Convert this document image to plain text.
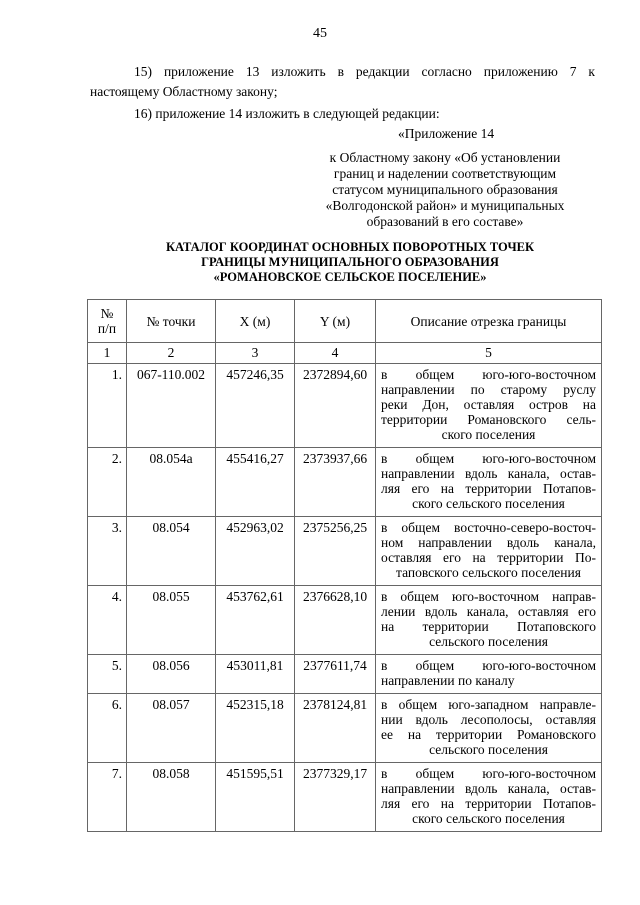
45
15) приложение 13 изложить в редакции согласно приложению 7 к
настоящему Областному закону;
16) приложение 14 изложить в следующей редакции:
«Приложение 14
к Областному закону «Об установлении
границ и наделении соответствующим
статусом муниципального образования
«Волгодонской район» и муниципальных
образований в его составе»
КАТАЛОГ КООРДИНАТ ОСНОВНЫХ ПОВОРОТНЫХ ТОЧЕК
ГРАНИЦЫ МУНИЦИПАЛЬНОГО ОБРАЗОВАНИЯ
«РОМАНОВСКОЕ СЕЛЬСКОЕ ПОСЕЛЕНИЕ»
№
п/п	№ точки	X (м)	Y (м)	Описание отрезка границы
1	2	3	4	5
1.	067-110.002	457246,35	2372894,60	в общем юго-юго-восточном
направлении по старому руслу
реки Дон, оставляя остров на
территории Романовского сель-
ского поселения

2.	08.054а	455416,27	2373937,66	в общем юго-юго-восточном
направлении вдоль канала, остав-
ляя его на территории Потапов-
ского сельского поселения

3.	08.054	452963,02	2375256,25	в общем восточно-северо-восточ-
ном направлении вдоль канала,
оставляя его на территории По-
таповского сельского поселения

4.	08.055	453762,61	2376628,10	в общем юго-восточном направ-
лении вдоль канала, оставляя его
на территории Потаповского
сельского поселения

5.	08.056	453011,81	2377611,74	в общем юго-юго-восточном
направлении по каналу

6.	08.057	452315,18	2378124,81	в общем юго-западном направле-
нии вдоль лесополосы, оставляя
ее на территории Романовского
сельского поселения

7.	08.058	451595,51	2377329,17	в общем юго-юго-восточном
направлении вдоль канала, остав-
ляя его на территории Потапов-
ского сельского поселения
